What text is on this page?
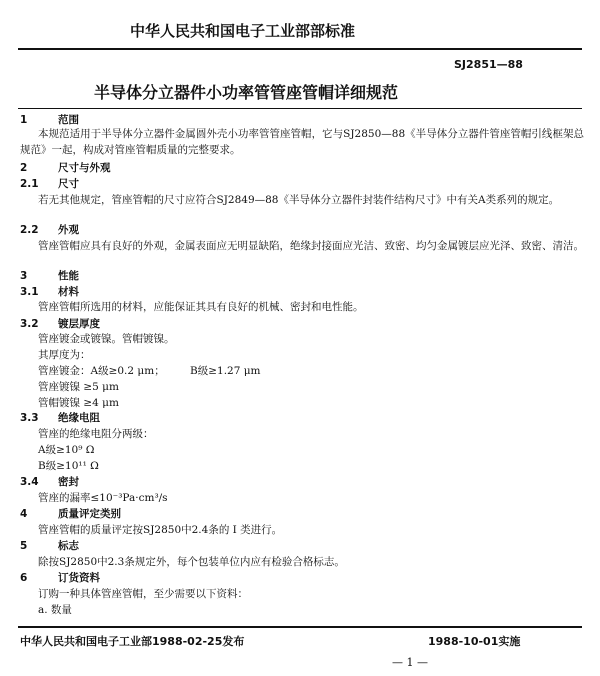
中华人民共和国电子工业部部标准
SJ2851—88
半导体分立器件小功率管管座管帽详细规范
1	范围
本规范适用于半导体分立器件金属圆外壳小功率管管座管帽，它与SJ2850—88《半导体分立器件管座管帽引线框架总规范》一起，构成对管座管帽质量的完整要求。
2	尺寸与外观
2.1 尺寸
若无其他规定，管座管帽的尺寸应符合SJ2849—88《半导体分立器件封装件结构尺寸》中有关A类系列的规定。
2.2 外观
管座管帽应具有良好的外观，金属表面应无明显缺陷，绝缘封接面应光洁、致密、均匀金属镀层应光泽、致密、清洁。
3	性能
3.1 材料
管座管帽所选用的材料，应能保证其具有良好的机械、密封和电性能。
3.2 镀层厚度
管座镀金或镀镍。管帽镀镍。
其厚度为：
管座镀金：A级≥0.2 μm； B级≥1.27 μm
管座镀镍 ≥5 μm
管帽镀镍 ≥4 μm
3.3 绝缘电阻
管座的绝缘电阻分两级：
A级≥10⁹ Ω
B级≥10¹¹ Ω
3.4 密封
管座的漏率≤10⁻³Pa·cm³/s
4	质量评定类别
管座管帽的质量评定按SJ2850中2.4条的 I 类进行。
5	标志
除按SJ2850中2.3条规定外，每个包装单位内应有检验合格标志。
6	订货资料
订购一种具体管座管帽，至少需要以下资料：
a. 数量
中华人民共和国电子工业部1988-02-25发布	1988-10-01实施
— 1 —
